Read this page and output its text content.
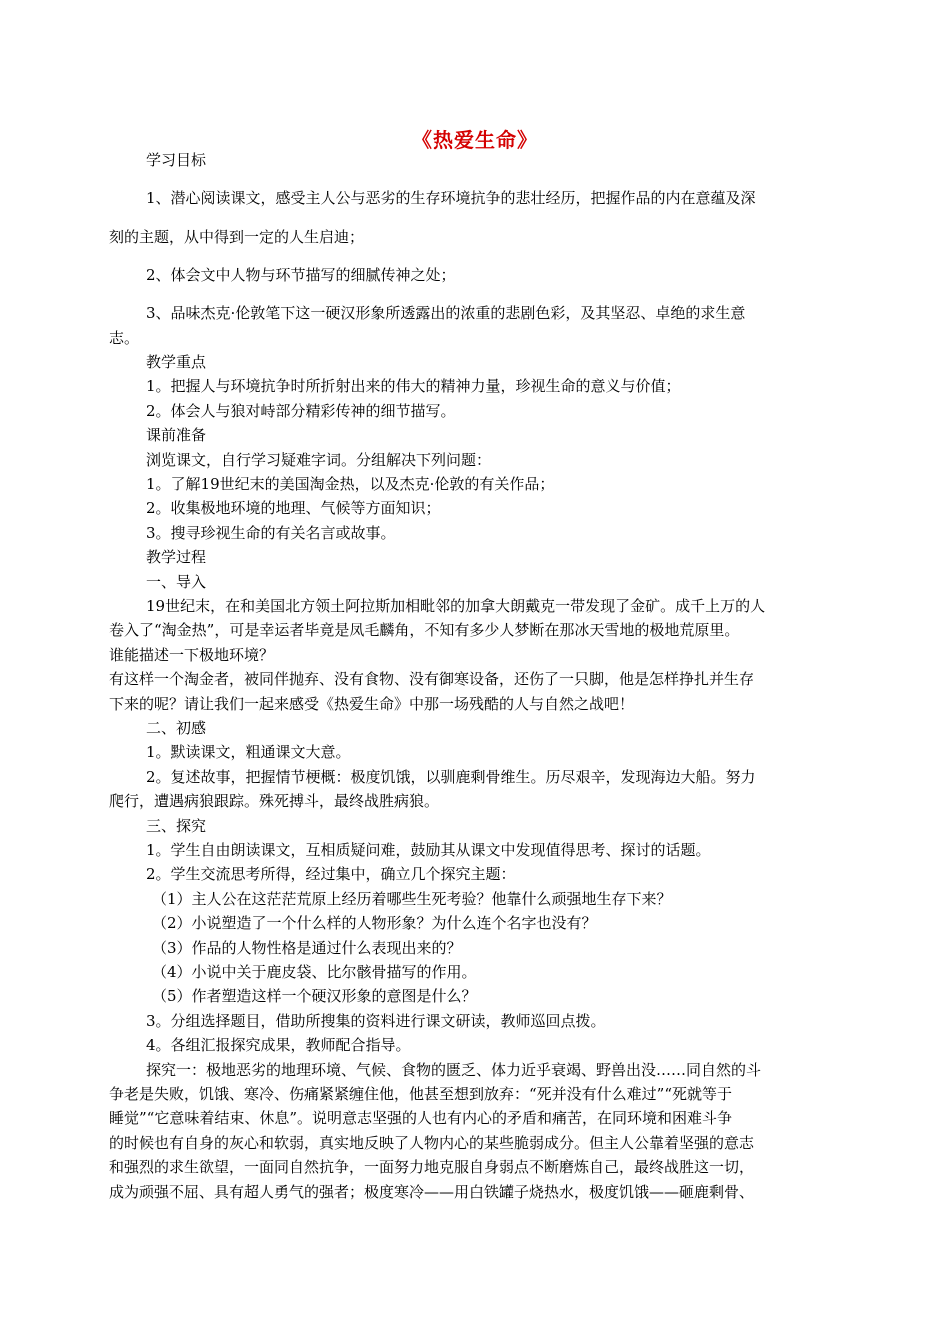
《热爱生命》
学习目标
1、潜心阅读课文，感受主人公与恶劣的生存环境抗争的悲壮经历，把握作品的内在意蕴及深
刻的主题，从中得到一定的人生启迪；
2、体会文中人物与环节描写的细腻传神之处；
3、品味杰克·伦敦笔下这一硬汉形象所透露出的浓重的悲剧色彩，及其坚忍、卓绝的求生意
志。
教学重点
1。把握人与环境抗争时所折射出来的伟大的精神力量，珍视生命的意义与价值；
2。体会人与狼对峙部分精彩传神的细节描写。
课前准备
浏览课文，自行学习疑难字词。分组解决下列问题：
1。了解19世纪末的美国淘金热，以及杰克·伦敦的有关作品；
2。收集极地环境的地理、气候等方面知识；
3。搜寻珍视生命的有关名言或故事。
教学过程
一、导入
19世纪末，在和美国北方领土阿拉斯加相毗邻的加拿大朗戴克一带发现了金矿。成千上万的人
卷入了“淘金热”，可是幸运者毕竟是凤毛麟角，不知有多少人梦断在那冰天雪地的极地荒原里。
谁能描述一下极地环境？
有这样一个淘金者，被同伴抛弃、没有食物、没有御寒设备，还伤了一只脚，他是怎样挣扎并生存
下来的呢？请让我们一起来感受《热爱生命》中那一场残酷的人与自然之战吧！
二、初感
1。默读课文，粗通课文大意。
2。复述故事，把握情节梗概：极度饥饿，以驯鹿剩骨维生。历尽艰辛，发现海边大船。努力
爬行，遭遇病狼跟踪。殊死搏斗，最终战胜病狼。
三、探究
1。学生自由朗读课文，互相质疑问难，鼓励其从课文中发现值得思考、探讨的话题。
2。学生交流思考所得，经过集中，确立几个探究主题：
（1）主人公在这茫茫荒原上经历着哪些生死考验？他靠什么顽强地生存下来？
（2）小说塑造了一个什么样的人物形象？为什么连个名字也没有？
（3）作品的人物性格是通过什么表现出来的？
（4）小说中关于鹿皮袋、比尔骸骨描写的作用。
（5）作者塑造这样一个硬汉形象的意图是什么？
3。分组选择题目，借助所搜集的资料进行课文研读，教师巡回点拨。
4。各组汇报探究成果，教师配合指导。
探究一：极地恶劣的地理环境、气候、食物的匮乏、体力近乎衰竭、野兽出没……同自然的斗
争老是失败，饥饿、寒冷、伤痛紧紧缠住他，他甚至想到放弃：“死并没有什么难过”“死就等于
睡觉”“它意味着结束、休息”。说明意志坚强的人也有内心的矛盾和痛苦，在同环境和困难斗争
的时候也有自身的灰心和软弱，真实地反映了人物内心的某些脆弱成分。但主人公靠着坚强的意志
和强烈的求生欲望，一面同自然抗争，一面努力地克服自身弱点不断磨炼自己，最终战胜这一切，
成为顽强不屈、具有超人勇气的强者；极度寒冷——用白铁罐子烧热水，极度饥饿——砸鹿剩骨、
